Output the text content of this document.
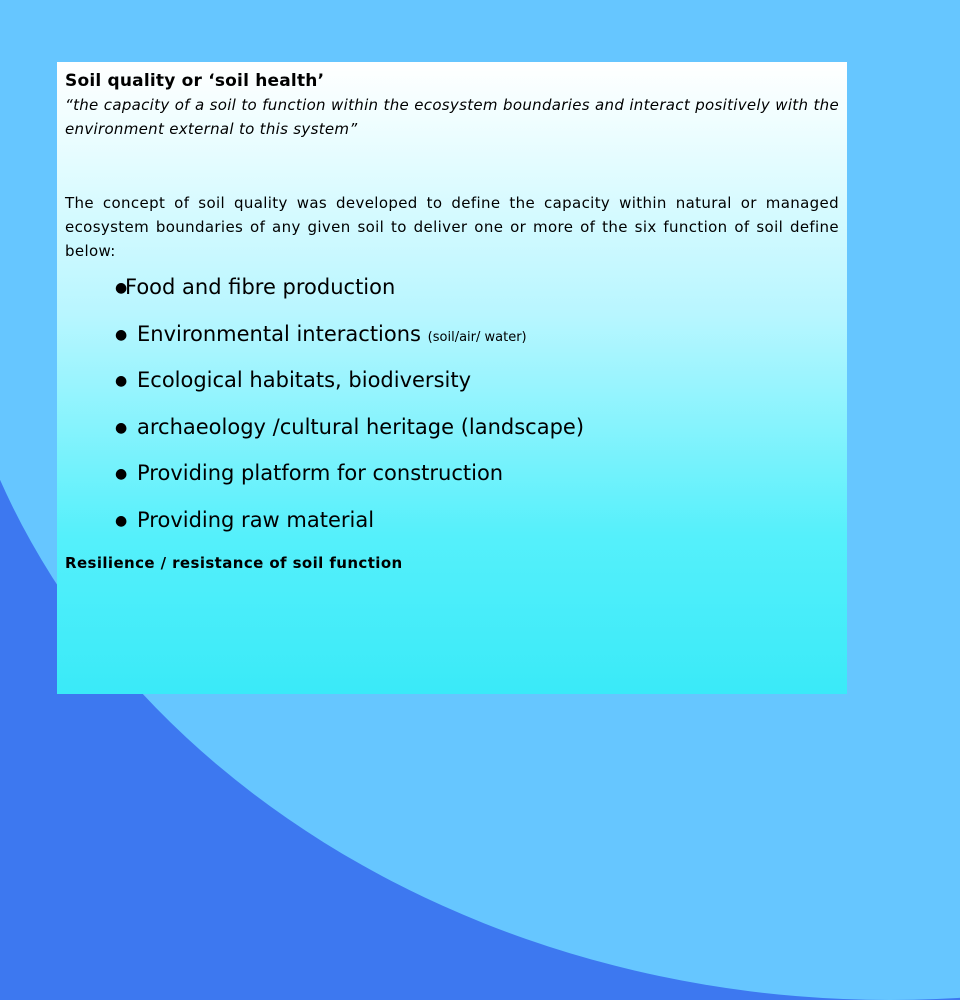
Soil quality or ‘soil health’

“the capacity of a soil to function within the ecosystem boundaries and interact positively with the environment external to this system”

The concept of soil quality was developed to define the capacity within natural or managed ecosystem boundaries of any given soil to deliver one or more of the six function of soil define below:

●Food and fibre production
● Environmental interactions (soil/air/ water)
● Ecological habitats, biodiversity
● archaeology /cultural heritage (landscape)
● Providing platform for construction
● Providing raw material

Resilience / resistance of soil function
